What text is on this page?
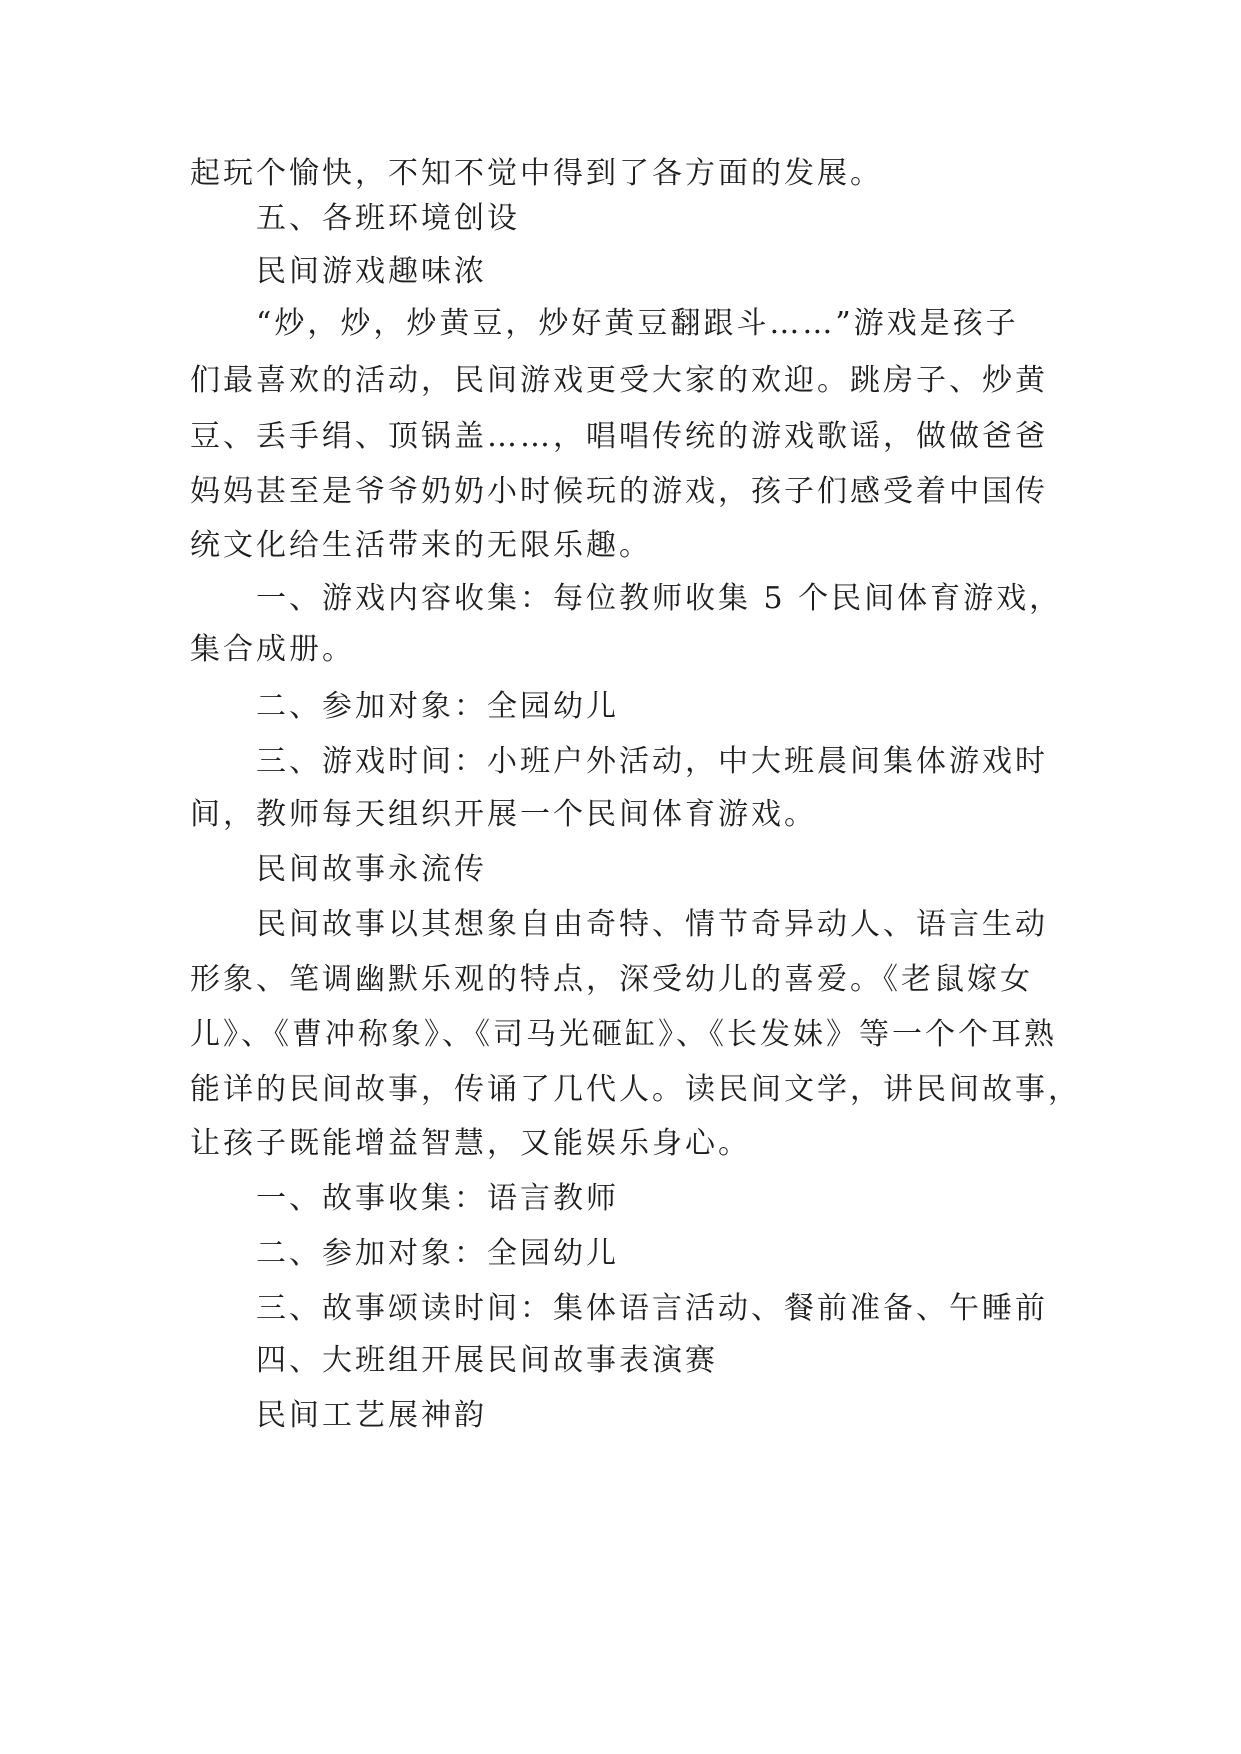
起玩个愉快，不知不觉中得到了各方面的发展。
五、各班环境创设
民间游戏趣味浓
“炒，炒，炒黄豆，炒好黄豆翻跟斗……”游戏是孩子
们最喜欢的活动，民间游戏更受大家的欢迎。跳房子、炒黄
豆、丢手绢、顶锅盖……，唱唱传统的游戏歌谣，做做爸爸
妈妈甚至是爷爷奶奶小时候玩的游戏，孩子们感受着中国传
统文化给生活带来的无限乐趣。
一、游戏内容收集：每位教师收集 5 个民间体育游戏，
集合成册。
二、参加对象：全园幼儿
三、游戏时间：小班户外活动，中大班晨间集体游戏时
间，教师每天组织开展一个民间体育游戏。
民间故事永流传
民间故事以其想象自由奇特、情节奇异动人、语言生动
形象、笔调幽默乐观的特点，深受幼儿的喜爱。《老鼠嫁女
儿》、《曹冲称象》、《司马光砸缸》、《长发妹》等一个个耳熟
能详的民间故事，传诵了几代人。读民间文学，讲民间故事，
让孩子既能增益智慧，又能娱乐身心。
一、故事收集：语言教师
二、参加对象：全园幼儿
三、故事颂读时间：集体语言活动、餐前准备、午睡前
四、大班组开展民间故事表演赛
民间工艺展神韵
